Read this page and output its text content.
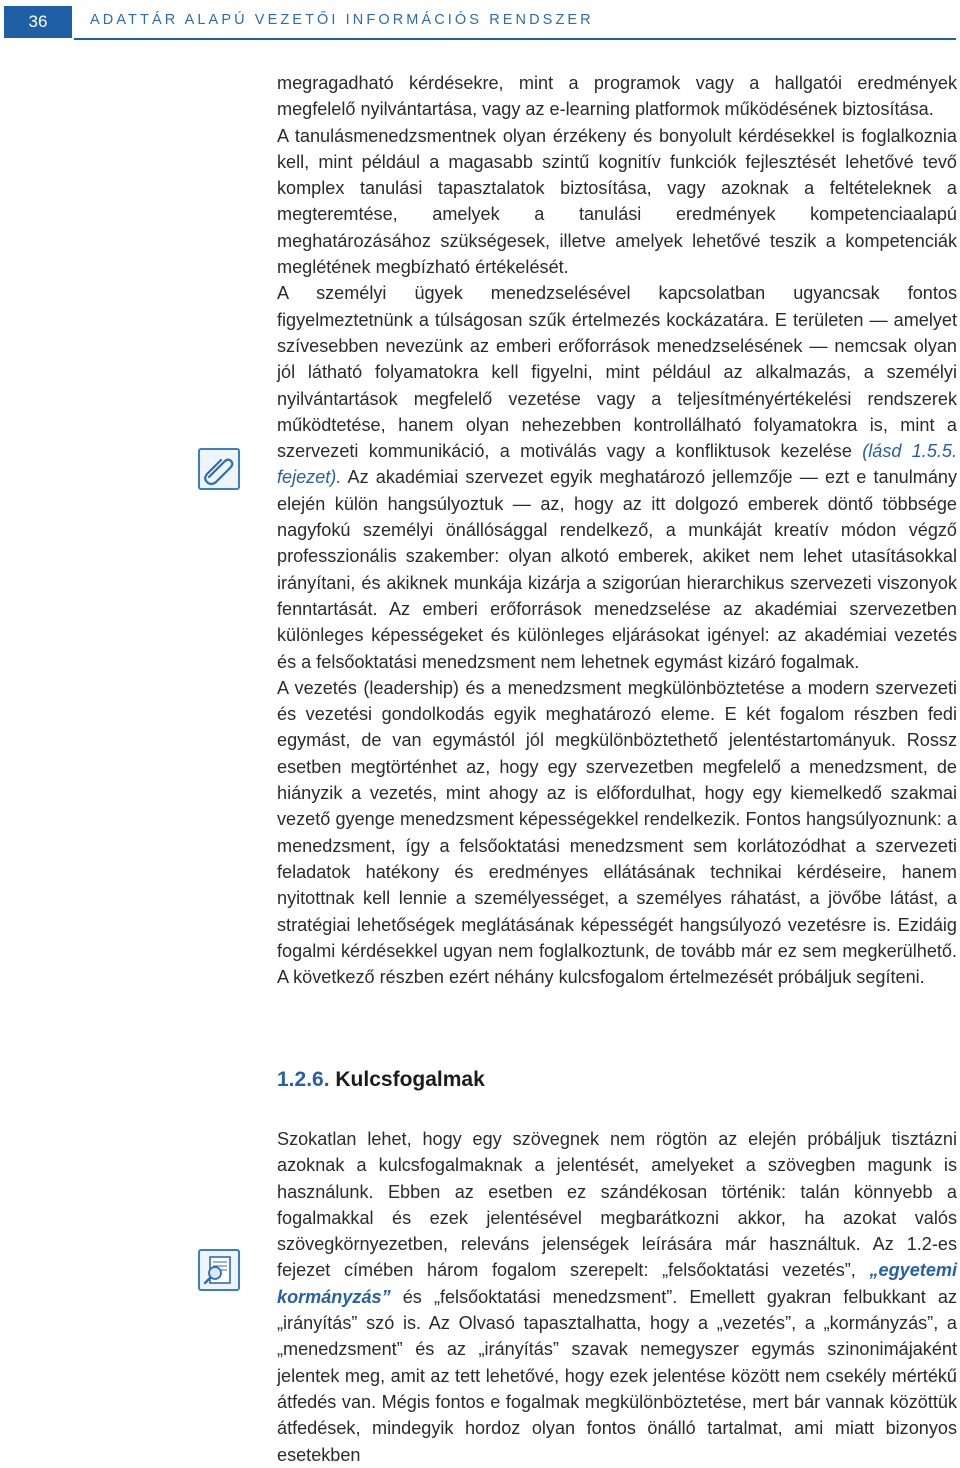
36	ADATTÁR ALAPÚ VEZETŐI INFORMÁCIÓS RENDSZER

megragadható kérdésekre, mint a programok vagy a hallgatói eredmények megfelelő nyilvántartása, vagy az e-learning platformok működésének biztosítása.

A tanulásmenedzsmentnek olyan érzékeny és bonyolult kérdésekkel is foglalkoznia kell, mint például a magasabb szintű kognitív funkciók fejlesztését lehetővé tevő komplex tanulási tapasztalatok biztosítása, vagy azoknak a feltételeknek a megteremtése, amelyek a tanulási eredmények kompetenciaalapú meghatározásához szükségesek, illetve amelyek lehetővé teszik a kompetenciák meglétének megbízható értékelését.

A személyi ügyek menedzselésével kapcsolatban ugyancsak fontos figyelmeztetnünk a túlságosan szűk értelmezés kockázatára. E területen — amelyet szívesebben nevezünk az emberi erőforrások menedzselésének — nemcsak olyan jól látható folyamatokra kell figyelni, mint például az alkalmazás, a személyi nyilvántartások megfelelő vezetése vagy a teljesítményértékelési rendszerek működtetése, hanem olyan nehezebben kontrollálható folyamatokra is, mint a szervezeti kommunikáció, a motiválás vagy a konfliktusok kezelése (lásd 1.5.5. fejezet). Az akadémiai szervezet egyik meghatározó jellemzője — ezt e tanulmány elején külön hangsúlyoztuk — az, hogy az itt dolgozó emberek döntő többsége nagyfokú személyi önállósággal rendelkező, a munkáját kreatív módon végző professzionális szakember: olyan alkotó emberek, akiket nem lehet utasításokkal irányítani, és akiknek munkája kizárja a szigorúan hierarchikus szervezeti viszonyok fenntartását. Az emberi erőforrások menedzselése az akadémiai szervezetben különleges képességeket és különleges eljárásokat igényel: az akadémiai vezetés és a felsőoktatási menedzsment nem lehetnek egymást kizáró fogalmak.

A vezetés (leadership) és a menedzsment megkülönböztetése a modern szervezeti és vezetési gondolkodás egyik meghatározó eleme. E két fogalom részben fedi egymást, de van egymástól jól megkülönböztethető jelentéstartományuk. Rossz esetben megtörténhet az, hogy egy szervezetben megfelelő a menedzsment, de hiányzik a vezetés, mint ahogy az is előfordulhat, hogy egy kiemelkedő szakmai vezető gyenge menedzsment képességekkel rendelkezik. Fontos hangsúlyoznunk: a menedzsment, így a felsőoktatási menedzsment sem korlátozódhat a szervezeti feladatok hatékony és eredményes ellátásának technikai kérdéseire, hanem nyitottnak kell lennie a személyességet, a személyes ráhatást, a jövőbe látást, a stratégiai lehetőségek meglátásának képességét hangsúlyozó vezetésre is. Ezidáig fogalmi kérdésekkel ugyan nem foglalkoztunk, de tovább már ez sem megkerülhető. A következő részben ezért néhány kulcsfogalom értelmezését próbáljuk segíteni.

1.2.6. Kulcsfogalmak

Szokatlan lehet, hogy egy szövegnek nem rögtön az elején próbáljuk tisztázni azoknak a kulcsfogalmaknak a jelentését, amelyeket a szövegben magunk is használunk. Ebben az esetben ez szándékosan történik: talán könnyebb a fogalmakkal és ezek jelentésével megbarátkozni akkor, ha azokat valós szövegkörnyezetben, releváns jelenségek leírására már használtuk. Az 1.2-es fejezet címében három fogalom szerepelt: „felsőoktatási vezetés”, „egyetemi kormányzás” és „felsőoktatási menedzsment”. Emellett gyakran felbukkant az „irányítás” szó is. Az Olvasó tapasztalhatta, hogy a „vezetés”, a „kormányzás”, a „menedzsment” és az „irányítás” szavak nemegyszer egymás szinonimájaként jelentek meg, amit az tett lehetővé, hogy ezek jelentése között nem csekély mértékű átfedés van. Mégis fontos e fogalmak megkülönböztetése, mert bár vannak közöttük átfedések, mindegyik hordoz olyan fontos önálló tartalmat, ami miatt bizonyos esetekben
